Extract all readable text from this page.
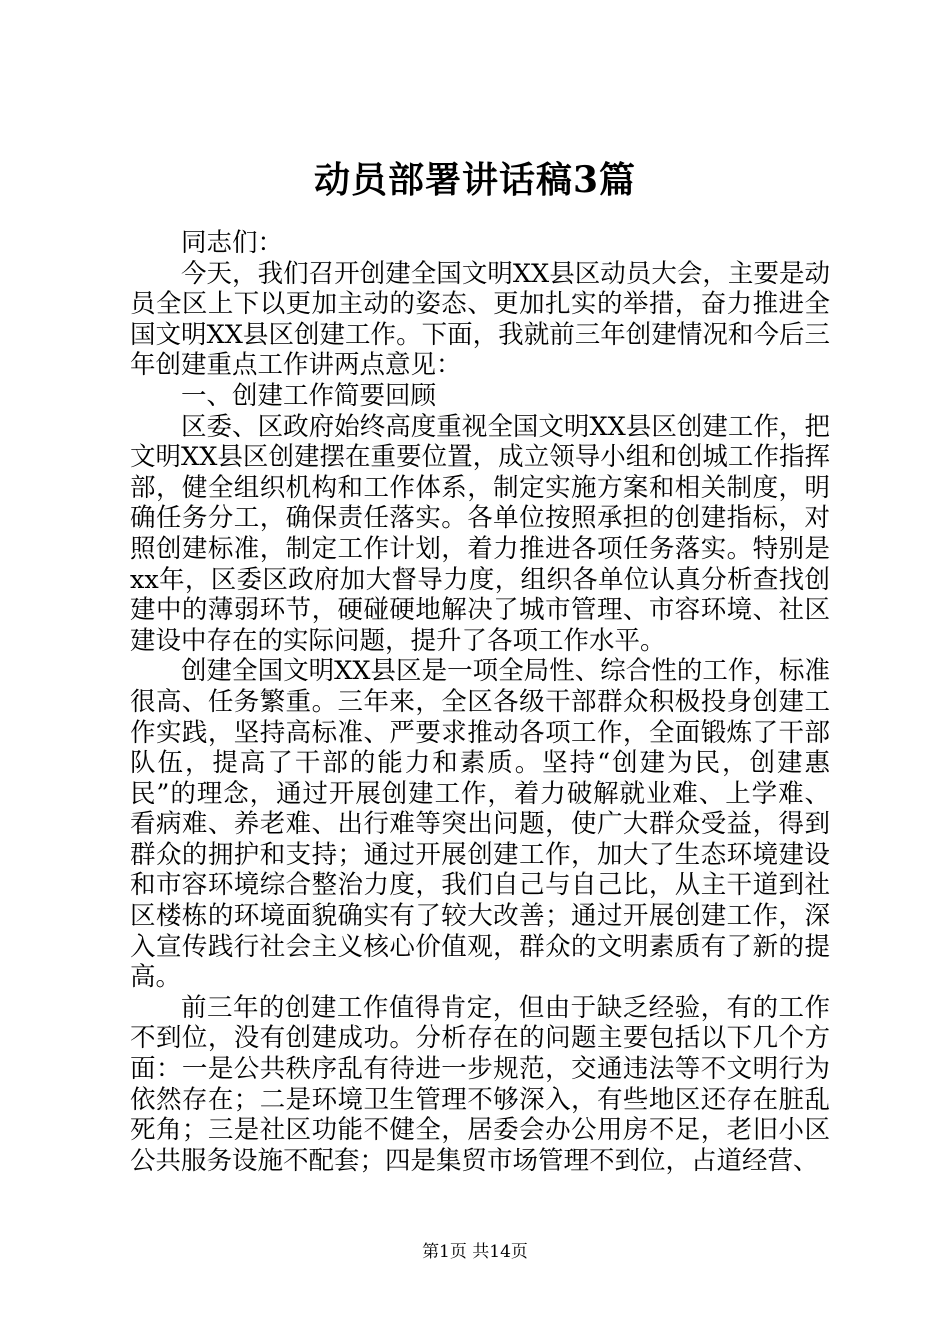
动员部署讲话稿3篇

同志们：

今天，我们召开创建全国文明XX县区动员大会，主要是动员全区上下以更加主动的姿态、更加扎实的举措，奋力推进全国文明XX县区创建工作。下面，我就前三年创建情况和今后三年创建重点工作讲两点意见：

一、创建工作简要回顾

区委、区政府始终高度重视全国文明XX县区创建工作，把文明XX县区创建摆在重要位置，成立领导小组和创城工作指挥部，健全组织机构和工作体系，制定实施方案和相关制度，明确任务分工，确保责任落实。各单位按照承担的创建指标，对照创建标准，制定工作计划，着力推进各项任务落实。特别是xx年，区委区政府加大督导力度，组织各单位认真分析查找创建中的薄弱环节，硬碰硬地解决了城市管理、市容环境、社区建设中存在的实际问题，提升了各项工作水平。

创建全国文明XX县区是一项全局性、综合性的工作，标准很高、任务繁重。三年来，全区各级干部群众积极投身创建工作实践，坚持高标准、严要求推动各项工作，全面锻炼了干部队伍，提高了干部的能力和素质。坚持“创建为民，创建惠民”的理念，通过开展创建工作，着力破解就业难、上学难、看病难、养老难、出行难等突出问题，使广大群众受益，得到群众的拥护和支持；通过开展创建工作，加大了生态环境建设和市容环境综合整治力度，我们自己与自己比，从主干道到社区楼栋的环境面貌确实有了较大改善；通过开展创建工作，深入宣传践行社会主义核心价值观，群众的文明素质有了新的提高。

前三年的创建工作值得肯定，但由于缺乏经验，有的工作不到位，没有创建成功。分析存在的问题主要包括以下几个方面：一是公共秩序乱有待进一步规范，交通违法等不文明行为依然存在；二是环境卫生管理不够深入，有些地区还存在脏乱死角；三是社区功能不健全，居委会办公用房不足，老旧小区公共服务设施不配套；四是集贸市场管理不到位，占道经营、

第1页 共14页
